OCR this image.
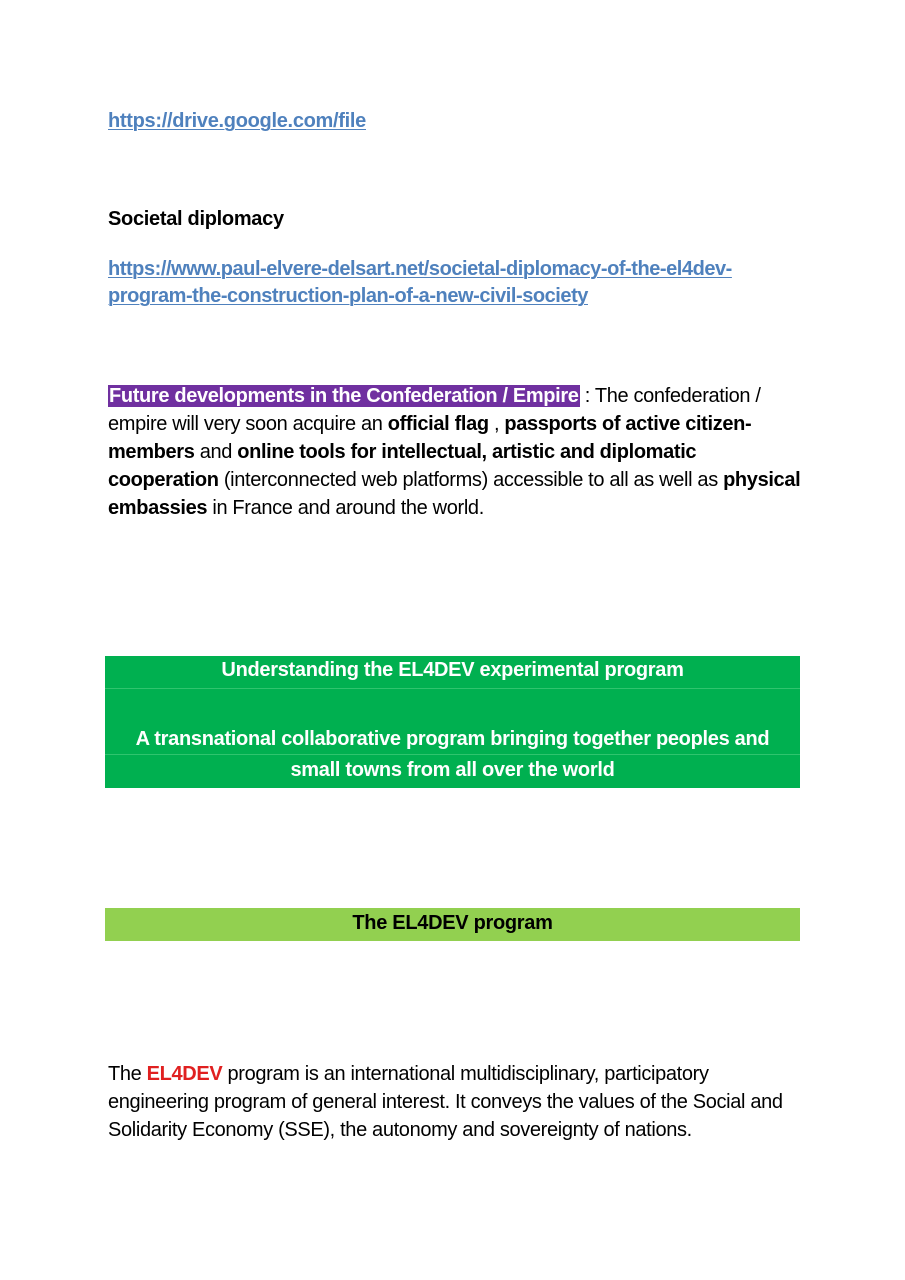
https://drive.google.com/file
Societal diplomacy
https://www.paul-elvere-delsart.net/societal-diplomacy-of-the-el4dev-
program-the-construction-plan-of-a-new-civil-society

Future developments in the Confederation / Empire : The confederation / empire will very soon acquire an official flag , passports of active citizen-members and online tools for intellectual, artistic and diplomatic cooperation (interconnected web platforms) accessible to all as well as physical embassies in France and around the world.

Understanding the EL4DEV experimental program
A transnational collaborative program bringing together peoples and
small towns from all over the world
The EL4DEV program

The EL4DEV program is an international multidisciplinary, participatory engineering program of general interest. It conveys the values of the Social and Solidarity Economy (SSE), the autonomy and sovereignty of nations.
